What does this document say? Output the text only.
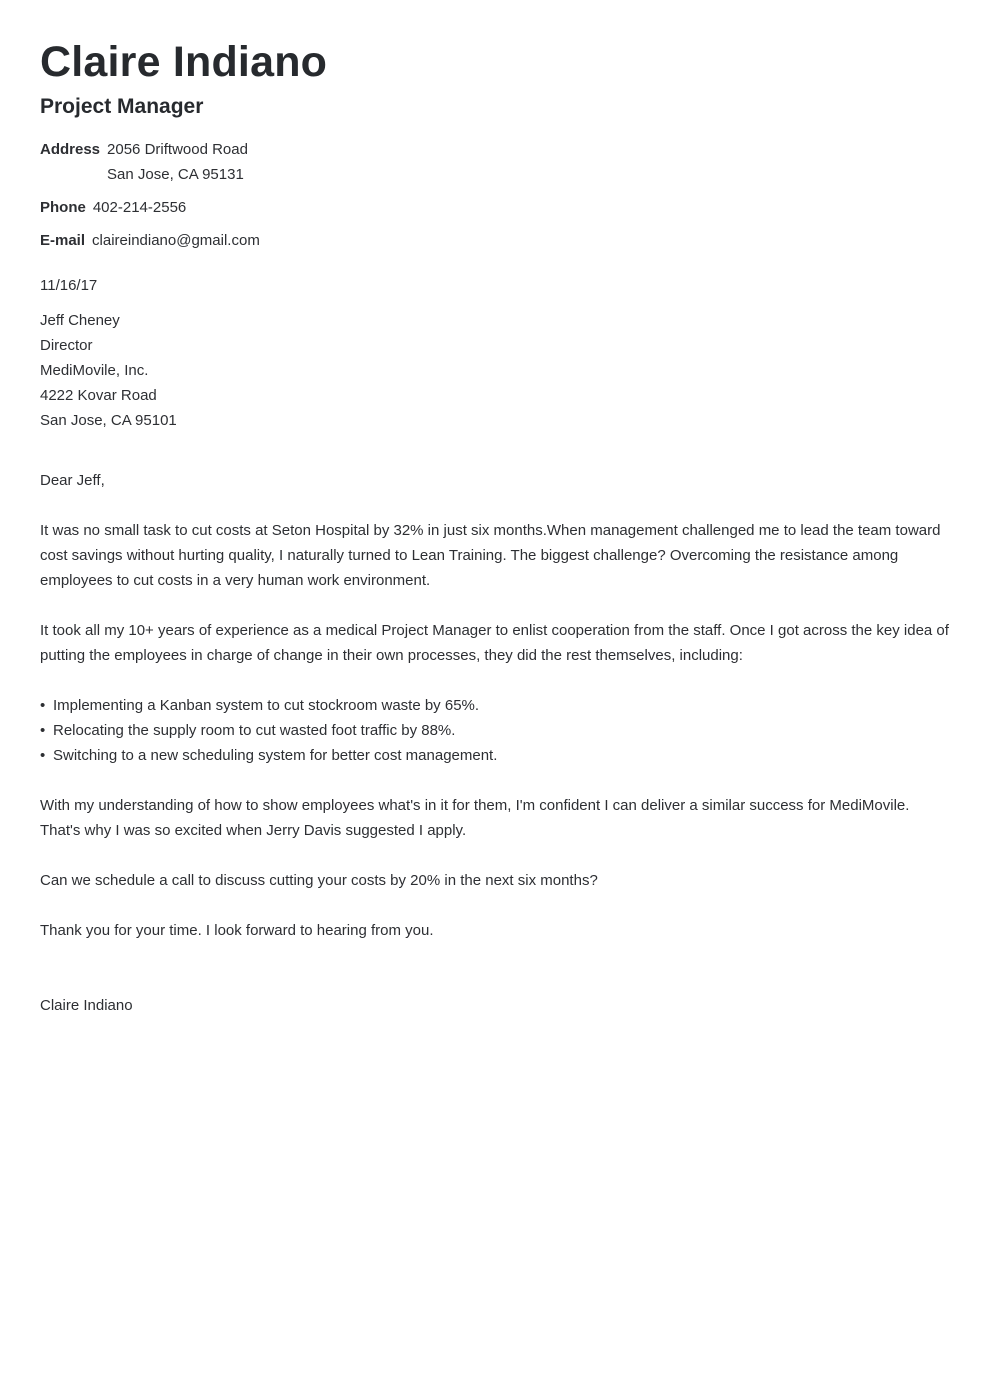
Claire Indiano
Project Manager
Address 2056 Driftwood Road
San Jose, CA 95131
Phone 402-214-2556
E-mail claireindiano@gmail.com

11/16/17

Jeff Cheney
Director
MediMovile, Inc.
4222 Kovar Road
San Jose, CA 95101

Dear Jeff,

It was no small task to cut costs at Seton Hospital by 32% in just six months.When management challenged me to lead the team toward cost savings without hurting quality, I naturally turned to Lean Training. The biggest challenge? Overcoming the resistance among employees to cut costs in a very human work environment.

It took all my 10+ years of experience as a medical Project Manager to enlist cooperation from the staff. Once I got across the key idea of putting the employees in charge of change in their own processes, they did the rest themselves, including:

• Implementing a Kanban system to cut stockroom waste by 65%.
• Relocating the supply room to cut wasted foot traffic by 88%.
• Switching to a new scheduling system for better cost management.

With my understanding of how to show employees what's in it for them, I'm confident I can deliver a similar success for MediMovile. That's why I was so excited when Jerry Davis suggested I apply.

Can we schedule a call to discuss cutting your costs by 20% in the next six months?

Thank you for your time. I look forward to hearing from you.

Claire Indiano
